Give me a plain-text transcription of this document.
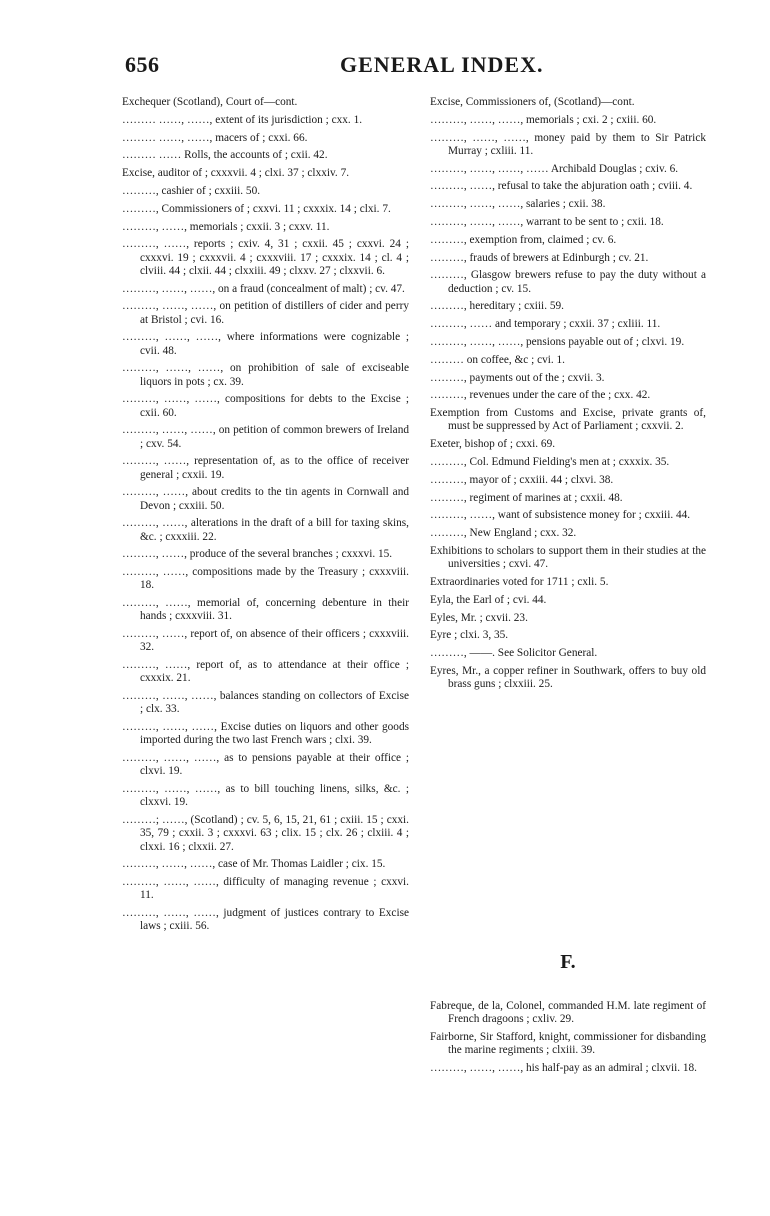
656	GENERAL INDEX.

Exchequer (Scotland), Court of—cont.

……… ……, ……, extent of its jurisdiction ; cxx. 1.

……… ……, ……, macers of ; cxxi. 66.

……… …… Rolls, the accounts of ; cxii. 42.

Excise, auditor of ; cxxxvii. 4 ; clxi. 37 ; clxxiv. 7.

………, cashier of ; cxxiii. 50.

………, Commissioners of ; cxxvi. 11 ; cxxxix. 14 ; clxi. 7.

………, ……, memorials ; cxxii. 3 ; cxxv. 11.

………, ……, reports ; cxiv. 4, 31 ; cxxii. 45 ; cxxvi. 24 ; cxxxvi. 19 ; cxxxvii. 4 ; cxxxviii. 17 ; cxxxix. 14 ; cl. 4 ; clviii. 44 ; clxii. 44 ; clxxiii. 49 ; clxxv. 27 ; clxxvii. 6.

………, ……, ……, on a fraud (concealment of malt) ; cv. 47.

………, ……, ……, on petition of distillers of cider and perry at Bristol ; cvi. 16.

………, ……, ……, where informations were cognizable ; cvii. 48.

………, ……, ……, on prohibition of sale of exciseable liquors in pots ; cx. 39.

………, ……, ……, compositions for debts to the Excise ; cxii. 60.

………, ……, ……, on petition of common brewers of Ireland ; cxv. 54.

………, ……, representation of, as to the office of receiver general ; cxxii. 19.

………, ……, about credits to the tin agents in Cornwall and Devon ; cxxiii. 50.

………, ……, alterations in the draft of a bill for taxing skins, &c. ; cxxxiii. 22.

………, ……, produce of the several branches ; cxxxvi. 15.

………, ……, compositions made by the Treasury ; cxxxviii. 18.

………, ……, memorial of, concerning debenture in their hands ; cxxxviii. 31.

………, ……, report of, on absence of their officers ; cxxxviii. 32.

………, ……, report of, as to attendance at their office ; cxxxix. 21.

………, ……, ……, balances standing on collectors of Excise ; clx. 33.

………, ……, ……, Excise duties on liquors and other goods imported during the two last French wars ; clxi. 39.

………, ……, ……, as to pensions payable at their office ; clxvi. 19.

………, ……, ……, as to bill touching linens, silks, &c. ; clxxvi. 19.

………; ……, (Scotland) ; cv. 5, 6, 15, 21, 61 ; cxiii. 15 ; cxxi. 35, 79 ; cxxii. 3 ; cxxxvi. 63 ; clix. 15 ; clx. 26 ; clxiii. 4 ; clxxi. 16 ; clxxii. 27.

………, ……, ……, case of Mr. Thomas Laidler ; cix. 15.

………, ……, ……, difficulty of managing revenue ; cxxvi. 11.

………, ……, ……, judgment of justices contrary to Excise laws ; cxiii. 56.

Excise, Commissioners of, (Scotland)—cont.

………, ……, ……, memorials ; cxi. 2 ; cxiii. 60.

………, ……, ……, money paid by them to Sir Patrick Murray ; cxliii. 11.

………, ……, ……, …… Archibald Douglas ; cxiv. 6.

………, ……, refusal to take the abjuration oath ; cviii. 4.

………, ……, ……, salaries ; cxii. 38.

………, ……, ……, warrant to be sent to ; cxii. 18.

………, exemption from, claimed ; cv. 6.

………, frauds of brewers at Edinburgh ; cv. 21.

………, Glasgow brewers refuse to pay the duty without a deduction ; cv. 15.

………, hereditary ; cxiii. 59.

………, …… and temporary ; cxxii. 37 ; cxliii. 11.

………, ……, ……, pensions payable out of ; clxvi. 19.

……… on coffee, &c ; cvi. 1.

………, payments out of the ; cxvii. 3.

………, revenues under the care of the ; cxx. 42.

Exemption from Customs and Excise, private grants of, must be suppressed by Act of Parliament ; cxxvii. 2.

Exeter, bishop of ; cxxi. 69.

………, Col. Edmund Fielding's men at ; cxxxix. 35.

………, mayor of ; cxxiii. 44 ; clxvi. 38.

………, regiment of marines at ; cxxii. 48.

………, ……, want of subsistence money for ; cxxiii. 44.

………, New England ; cxx. 32.

Exhibitions to scholars to support them in their studies at the universities ; cxvi. 47.

Extraordinaries voted for 1711 ; cxli. 5.

Eyla, the Earl of ; cvi. 44.

Eyles, Mr. ; cxvii. 23.

Eyre ; clxi. 3, 35.

………, ——. See Solicitor General.

Eyres, Mr., a copper refiner in Southwark, offers to buy old brass guns ; clxxiii. 25.

F.

Fabreque, de la, Colonel, commanded H.M. late regiment of French dragoons ; cxliv. 29.

Fairborne, Sir Stafford, knight, commissioner for disbanding the marine regiments ; clxiii. 39.

………, ……, ……, his half-pay as an admiral ; clxvii. 18.
